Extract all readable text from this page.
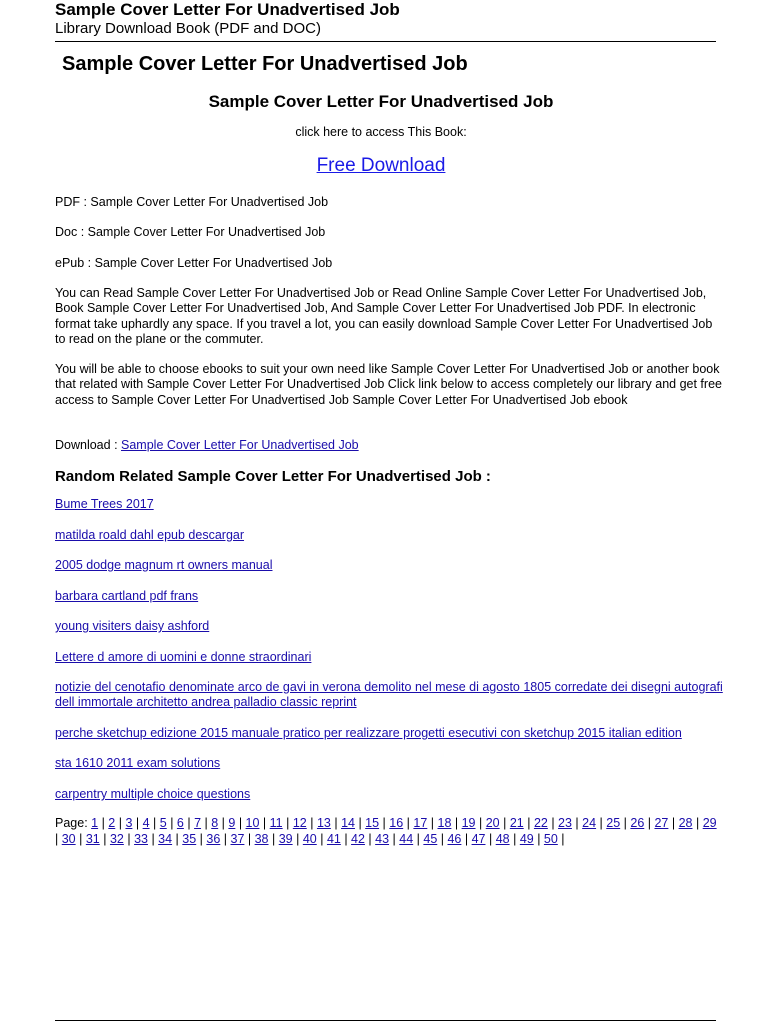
Sample Cover Letter For Unadvertised Job
Library Download Book (PDF and DOC)
Sample Cover Letter For Unadvertised Job
Sample Cover Letter For Unadvertised Job
click here to access This Book:
Free Download
PDF : Sample Cover Letter For Unadvertised Job
Doc : Sample Cover Letter For Unadvertised Job
ePub : Sample Cover Letter For Unadvertised Job
You can Read Sample Cover Letter For Unadvertised Job or Read Online Sample Cover Letter For Unadvertised Job, Book Sample Cover Letter For Unadvertised Job, And Sample Cover Letter For Unadvertised Job PDF. In electronic format take uphardly any space. If you travel a lot, you can easily download Sample Cover Letter For Unadvertised Job to read on the plane or the commuter.
You will be able to choose ebooks to suit your own need like Sample Cover Letter For Unadvertised Job or another book that related with Sample Cover Letter For Unadvertised Job Click link below to access completely our library and get free access to Sample Cover Letter For Unadvertised Job Sample Cover Letter For Unadvertised Job ebook
Download : Sample Cover Letter For Unadvertised Job
Random Related Sample Cover Letter For Unadvertised Job :
Bume Trees 2017
matilda roald dahl epub descargar
2005 dodge magnum rt owners manual
barbara cartland pdf frans
young visiters daisy ashford
Lettere d amore di uomini e donne straordinari
notizie del cenotafio denominate arco de gavi in verona demolito nel mese di agosto 1805 corredate dei disegni autografi dell immortale architetto andrea palladio classic reprint
perche sketchup edizione 2015 manuale pratico per realizzare progetti esecutivi con sketchup 2015 italian edition
sta 1610 2011 exam solutions
carpentry multiple choice questions
Page: 1 | 2 | 3 | 4 | 5 | 6 | 7 | 8 | 9 | 10 | 11 | 12 | 13 | 14 | 15 | 16 | 17 | 18 | 19 | 20 | 21 | 22 | 23 | 24 | 25 | 26 | 27 | 28 | 29 | 30 | 31 | 32 | 33 | 34 | 35 | 36 | 37 | 38 | 39 | 40 | 41 | 42 | 43 | 44 | 45 | 46 | 47 | 48 | 49 | 50 |
